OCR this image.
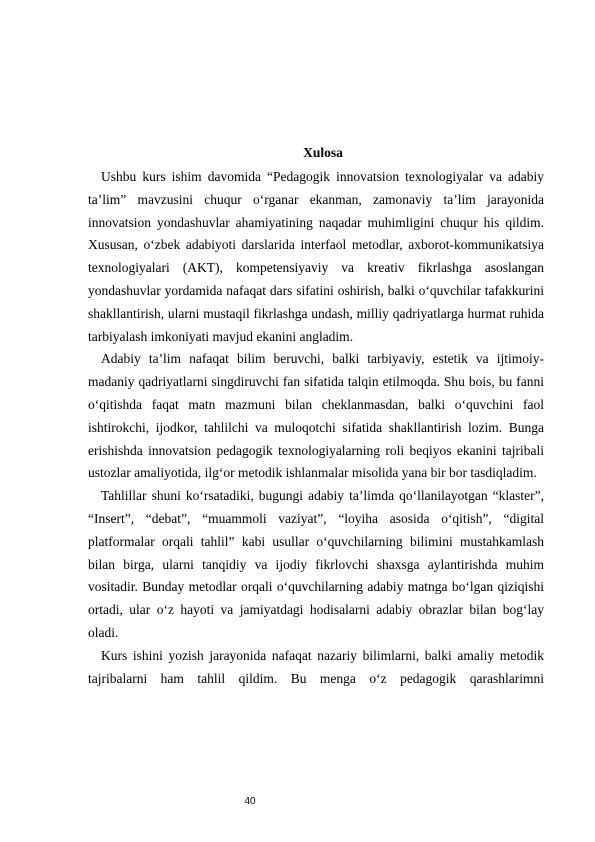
Xulosa

Ushbu kurs ishim davomida “Pedagogik innovatsion texnologiyalar va adabiy ta’lim” mavzusini chuqur o‘rganar ekanman, zamonaviy ta’lim jarayonida innovatsion yondashuvlar ahamiyatining naqadar muhimligini chuqur his qildim. Xususan, o‘zbek adabiyoti darslarida interfaol metodlar, axborot-kommunikatsiya texnologiyalari (AKT), kompetensiyaviy va kreativ fikrlashga asoslangan yondashuvlar yordamida nafaqat dars sifatini oshirish, balki o‘quvchilar tafakkurini shakllantirish, ularni mustaqil fikrlashga undash, milliy qadriyatlarga hurmat ruhida tarbiyalash imkoniyati mavjud ekanini angladim.

Adabiy ta’lim nafaqat bilim beruvchi, balki tarbiyaviy, estetik va ijtimoiy-madaniy qadriyatlarni singdiruvchi fan sifatida talqin etilmoqda. Shu bois, bu fanni o‘qitishda faqat matn mazmuni bilan cheklanmasdan, balki o‘quvchini faol ishtirokchi, ijodkor, tahlilchi va muloqotchi sifatida shakllantirish lozim. Bunga erishishda innovatsion pedagogik texnologiyalarning roli beqiyos ekanini tajribali ustozlar amaliyotida, ilg‘or metodik ishlanmalar misolida yana bir bor tasdiqladim.

Tahlillar shuni ko‘rsatadiki, bugungi adabiy ta’limda qo‘llanilayotgan “klaster”, “Insert”, “debat”, “muammoli vaziyat”, “loyiha asosida o‘qitish”, “digital platformalar orqali tahlil” kabi usullar o‘quvchilarning bilimini mustahkamlash bilan birga, ularni tanqidiy va ijodiy fikrlovchi shaxsga aylantirishda muhim vositadir. Bunday metodlar orqali o‘quvchilarning adabiy matnga bo‘lgan qiziqishi ortadi, ular o‘z hayoti va jamiyatdagi hodisalarni adabiy obrazlar bilan bog‘lay oladi.

Kurs ishini yozish jarayonida nafaqat nazariy bilimlarni, balki amaliy metodik tajribalarni ham tahlil qildim. Bu menga o‘z pedagogik qarashlarimni

40
